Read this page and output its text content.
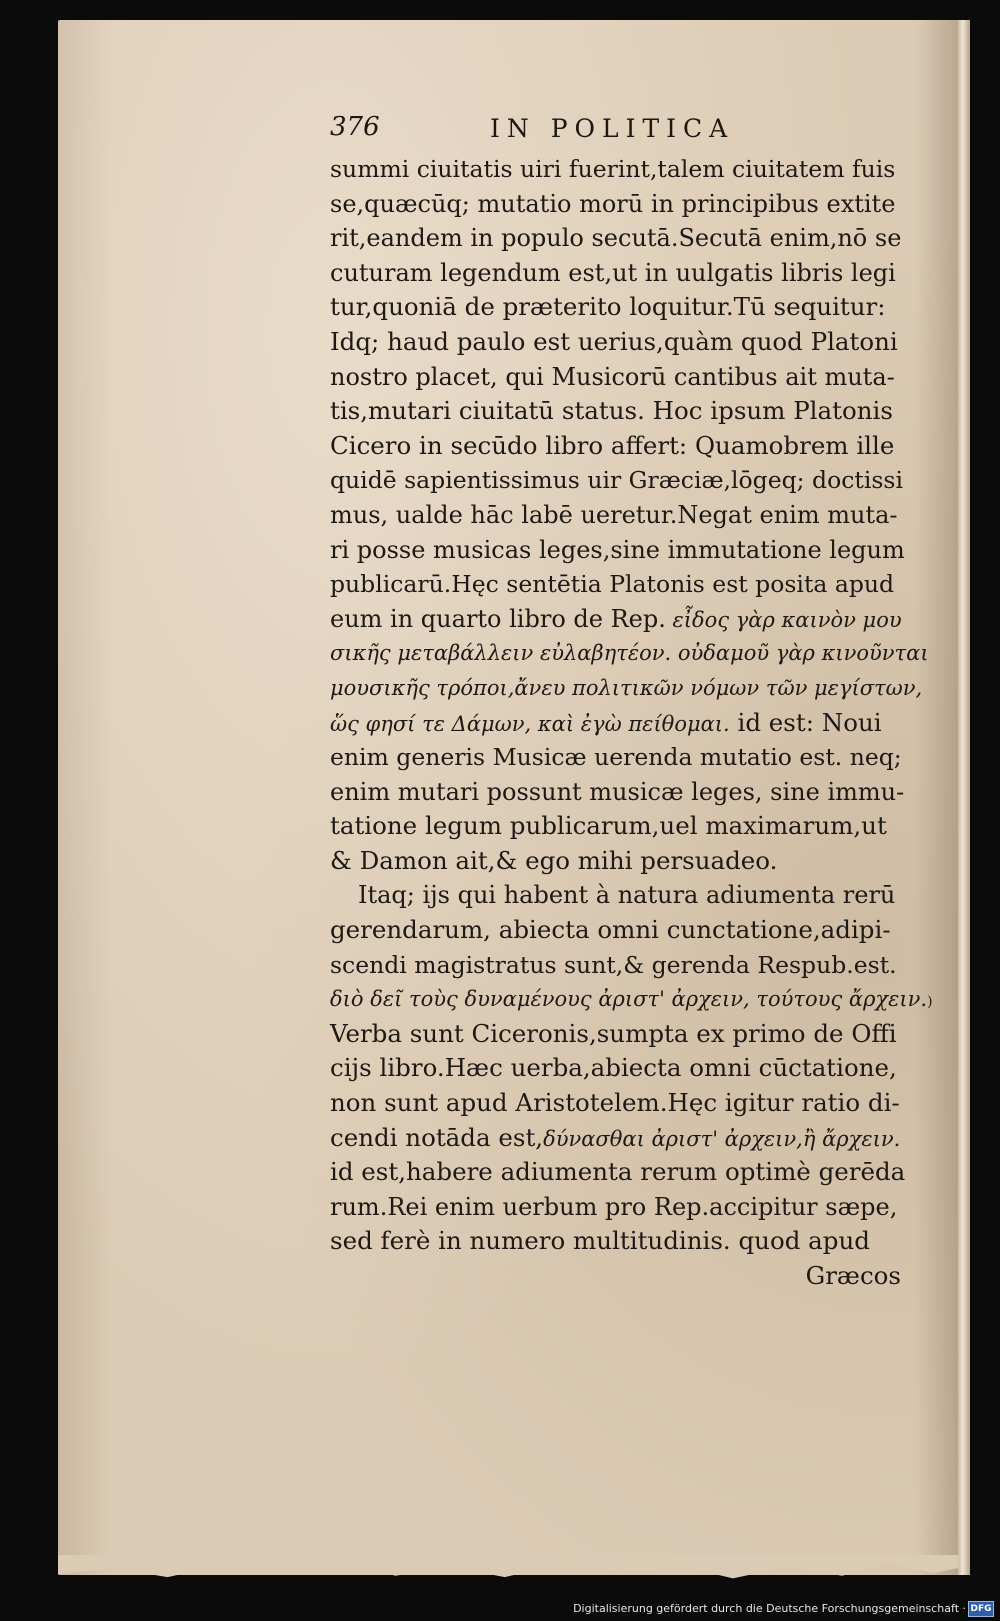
376	IN POLITICA
summi ciuitatis uiri fuerint,talem ciuitatem fuis
se,quæcūq; mutatio morū in principibus extite
rit,eandem in populo secutā.Secutā enim,nō se
cuturam legendum est,ut in uulgatis libris legi
tur,quoniā de præterito loquitur.Tū sequitur:
Idq; haud paulo est uerius,quàm quod Platoni
nostro placet, qui Musicorū cantibus ait muta-
tis,mutari ciuitatū status. Hoc ipsum Platonis
Cicero in secūdo libro affert: Quamobrem ille
quidē sapientissimus uir Græciæ,lōgeq; doctissi
mus, ualde hāc labē ueretur.Negat enim muta-
ri posse musicas leges,sine immutatione legum
publicarū.Hęc sentētia Platonis est posita apud
eum in quarto libro de Rep. εἶδος γὰρ καινὸν μου
σικῆς μεταβάλλειν εὐλαβητέον. οὐδαμοῦ γὰρ κινοῦνται
μουσικῆς τρόποι,ἄνευ πολιτικῶν νόμων τῶν μεγίστων,
ὥς φησί τε Δάμων, καὶ ἐγὼ πείθομαι. id est: Noui
enim generis Musicæ uerenda mutatio est. neq;
enim mutari possunt musicæ leges, sine immu-
tatione legum publicarum,uel maximarum,ut
& Damon ait,& ego mihi persuadeo.
Itaq; ijs qui habent à natura adiumenta rerū
gerendarum, abiecta omni cunctatione,adipi-
scendi magistratus sunt,& gerenda Respub.est.
διὸ δεῖ τοὺς δυναμένους ἀριστ' ἀρχειν, τούτους ἄρχειν.)
Verba sunt Ciceronis,sumpta ex primo de Offi
cijs libro.Hæc uerba,abiecta omni cūctatione,
non sunt apud Aristotelem.Hęc igitur ratio di-
cendi notāda est,δύνασθαι ἀριστ' ἀρχειν,ἢ ἄρχειν.
id est,habere adiumenta rerum optimè gerēda
rum.Rei enim uerbum pro Rep.accipitur sæpe,
sed ferè in numero multitudinis. quod apud
Græcos
Digitalisierung gefördert durch die Deutsche Forschungsgemeinschaft · DFG
